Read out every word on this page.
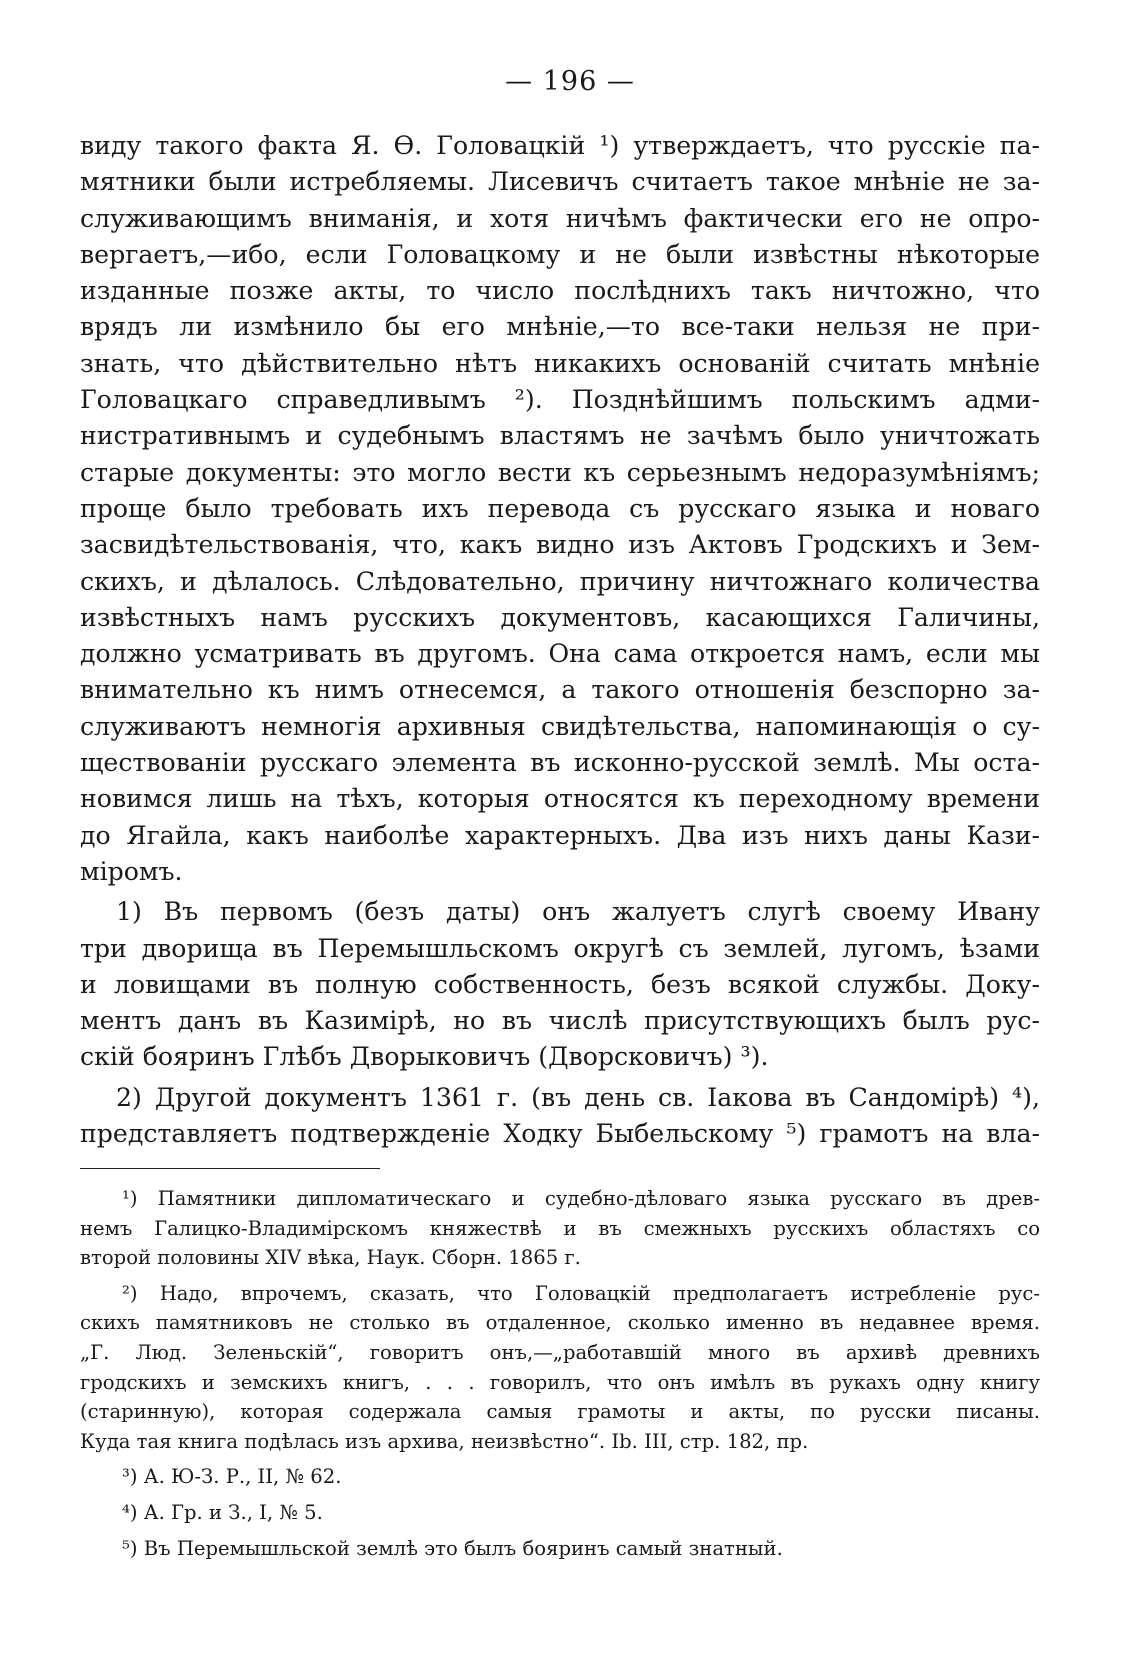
— 196 —
виду такого факта Я. Ѳ. Головацкій ¹) утверждаетъ, что русскіе па-
мятники были истребляемы. Лисевичъ считаетъ такое мнѣніе не за-
служивающимъ вниманія, и хотя ничѣмъ фактически его не опро-
вергаетъ,—ибо, если Головацкому и не были извѣстны нѣкоторые
изданные позже акты, то число послѣднихъ такъ ничтожно, что
врядъ ли измѣнило бы его мнѣніе,—то все-таки нельзя не при-
знать, что дѣйствительно нѣтъ никакихъ основаній считать мнѣніе
Головацкаго справедливымъ ²). Позднѣйшимъ польскимъ адми-
нистративнымъ и судебнымъ властямъ не зачѣмъ было уничтожать
старые документы: это могло вести къ серьезнымъ недоразумѣніямъ;
проще было требовать ихъ перевода съ русскаго языка и новаго
засвидѣтельствованія, что, какъ видно изъ Актовъ Гродскихъ и Зем-
скихъ, и дѣлалось. Слѣдовательно, причину ничтожнаго количества
извѣстныхъ намъ русскихъ документовъ, касающихся Галичины,
должно усматривать въ другомъ. Она сама откроется намъ, если мы
внимательно къ нимъ отнесемся, а такого отношенія безспорно за-
служиваютъ немногія архивныя свидѣтельства, напоминающія о су-
ществованіи русскаго элемента въ исконно-русской землѣ. Мы оста-
новимся лишь на тѣхъ, которыя относятся къ переходному времени
до Ягайла, какъ наиболѣе характерныхъ. Два изъ нихъ даны Кази-
міромъ.
1) Въ первомъ (безъ даты) онъ жалуетъ слугѣ своему Ивану
три дворища въ Перемышльскомъ округѣ съ землей, лугомъ, ѣзами
и ловищами въ полную собственность, безъ всякой службы. Доку-
ментъ данъ въ Казимірѣ, но въ числѣ присутствующихъ былъ рус-
скій бояринъ Глѣбъ Дворыковичъ (Дворсковичъ) ³).
2) Другой документъ 1361 г. (въ день св. Іакова въ Сандомірѣ) ⁴),
представляетъ подтвержденіе Ходку Быбельскому ⁵) грамотъ на вла-
¹) Памятники дипломатическаго и судебно-дѣловаго языка русскаго въ древ-
немъ Галицко-Владимірскомъ княжествѣ и въ смежныхъ русскихъ областяхъ со
второй половины XIV вѣка, Наук. Сборн. 1865 г.
²) Надо, впрочемъ, сказать, что Головацкій предполагаетъ истребленіе рус-
скихъ памятниковъ не столько въ отдаленное, сколько именно въ недавнее время.
„Г. Люд. Зеленьскій“, говоритъ онъ,—„работавшій много въ архивѣ древнихъ
гродскихъ и земскихъ книгъ, . . . говорилъ, что онъ имѣлъ въ рукахъ одну книгу
(старинную), которая содержала самыя грамоты и акты, по русски писаны.
Куда тая книга подѣлась изъ архива, неизвѣстно“. Ib. III, стр. 182, пр.
³) А. Ю-З. Р., II, № 62.
⁴) А. Гр. и З., I, № 5.
⁵) Въ Перемышльской землѣ это былъ бояринъ самый знатный.
